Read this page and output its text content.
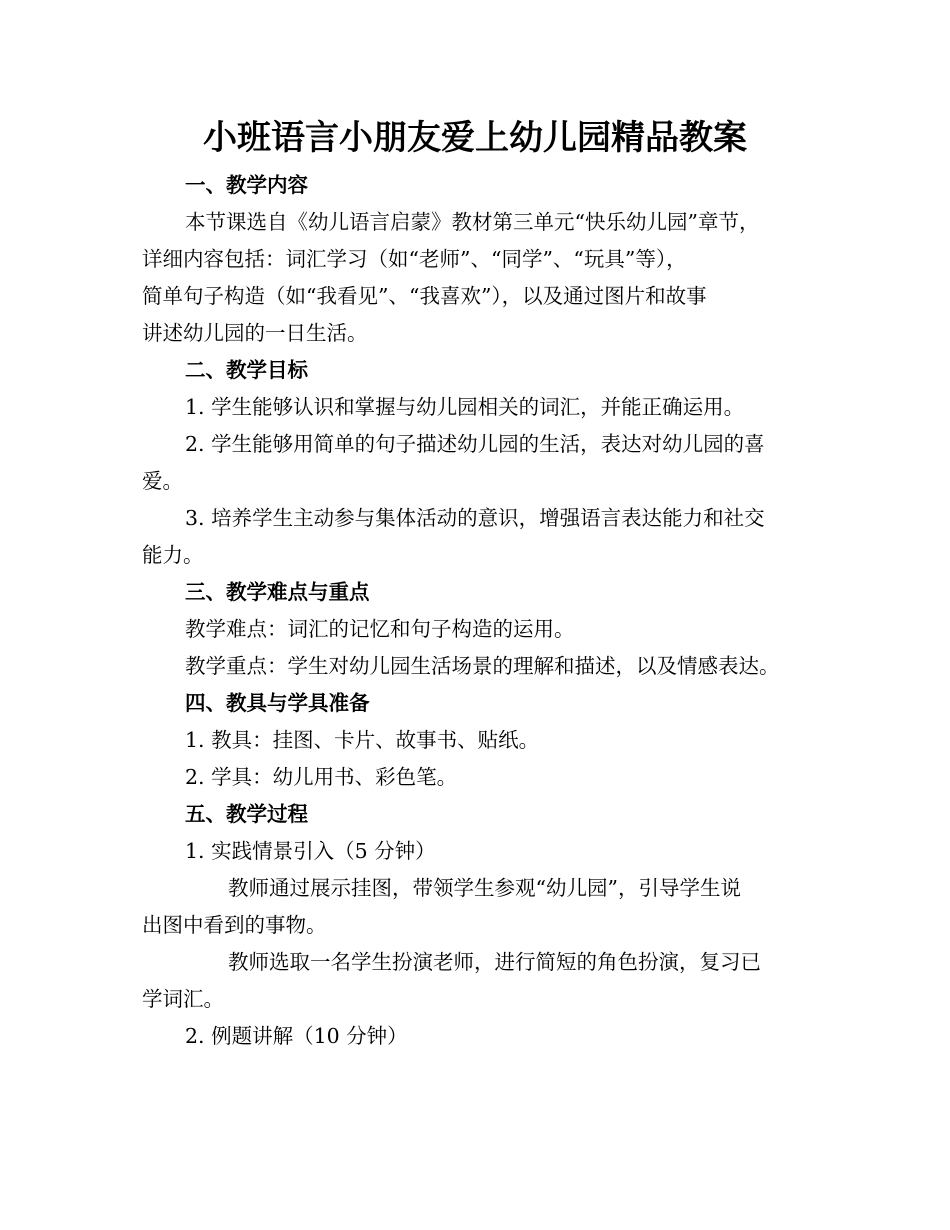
小班语言小朋友爱上幼儿园精品教案
一、教学内容
本节课选自《幼儿语言启蒙》教材第三单元“快乐幼儿园”章节，
详细内容包括：词汇学习（如“老师”、“同学”、“玩具”等），
简单句子构造（如“我看见”、“我喜欢”），以及通过图片和故事
讲述幼儿园的一日生活。
二、教学目标
1. 学生能够认识和掌握与幼儿园相关的词汇，并能正确运用。
2. 学生能够用简单的句子描述幼儿园的生活，表达对幼儿园的喜
爱。
3. 培养学生主动参与集体活动的意识，增强语言表达能力和社交
能力。
三、教学难点与重点
教学难点：词汇的记忆和句子构造的运用。
教学重点：学生对幼儿园生活场景的理解和描述，以及情感表达。
四、教具与学具准备
1. 教具：挂图、卡片、故事书、贴纸。
2. 学具：幼儿用书、彩色笔。
五、教学过程
1. 实践情景引入（5 分钟）
教师通过展示挂图，带领学生参观“幼儿园”，引导学生说
出图中看到的事物。
教师选取一名学生扮演老师，进行简短的角色扮演，复习已
学词汇。
2. 例题讲解（10 分钟）
